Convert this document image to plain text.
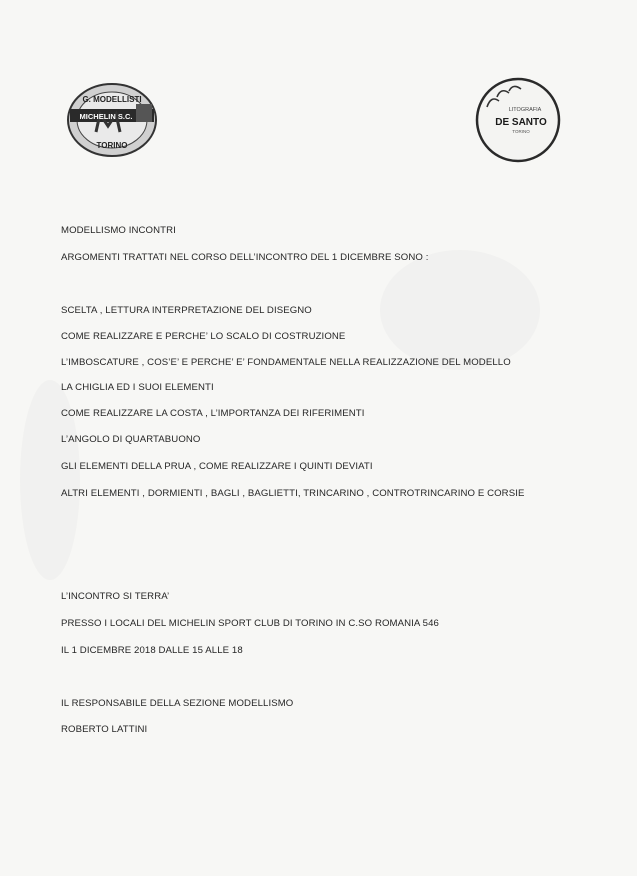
G. MODELLISTI
MICHELIN S.C.
TORINO
LITOGRAFIA
DE SANTO
TORINO
MODELLISMO INCONTRI
ARGOMENTI TRATTATI NEL CORSO DELL’INCONTRO DEL 1 DICEMBRE SONO :
SCELTA , LETTURA INTERPRETAZIONE DEL DISEGNO
COME REALIZZARE E PERCHE’ LO SCALO DI COSTRUZIONE
L’IMBOSCATURE , COS’E’ E PERCHE’ E’ FONDAMENTALE NELLA REALIZZAZIONE DEL MODELLO
LA CHIGLIA ED I SUOI ELEMENTI
COME REALIZZARE LA COSTA , L’IMPORTANZA DEI RIFERIMENTI
L’ANGOLO DI QUARTABUONO
GLI ELEMENTI DELLA PRUA , COME REALIZZARE I QUINTI DEVIATI
ALTRI ELEMENTI , DORMIENTI , BAGLI , BAGLIETTI, TRINCARINO , CONTROTRINCARINO E CORSIE
L’INCONTRO SI TERRA’
PRESSO I LOCALI DEL MICHELIN SPORT CLUB DI TORINO IN C.SO ROMANIA 546
IL 1 DICEMBRE 2018 DALLE 15 ALLE 18
IL RESPONSABILE DELLA SEZIONE MODELLISMO
ROBERTO LATTINI
